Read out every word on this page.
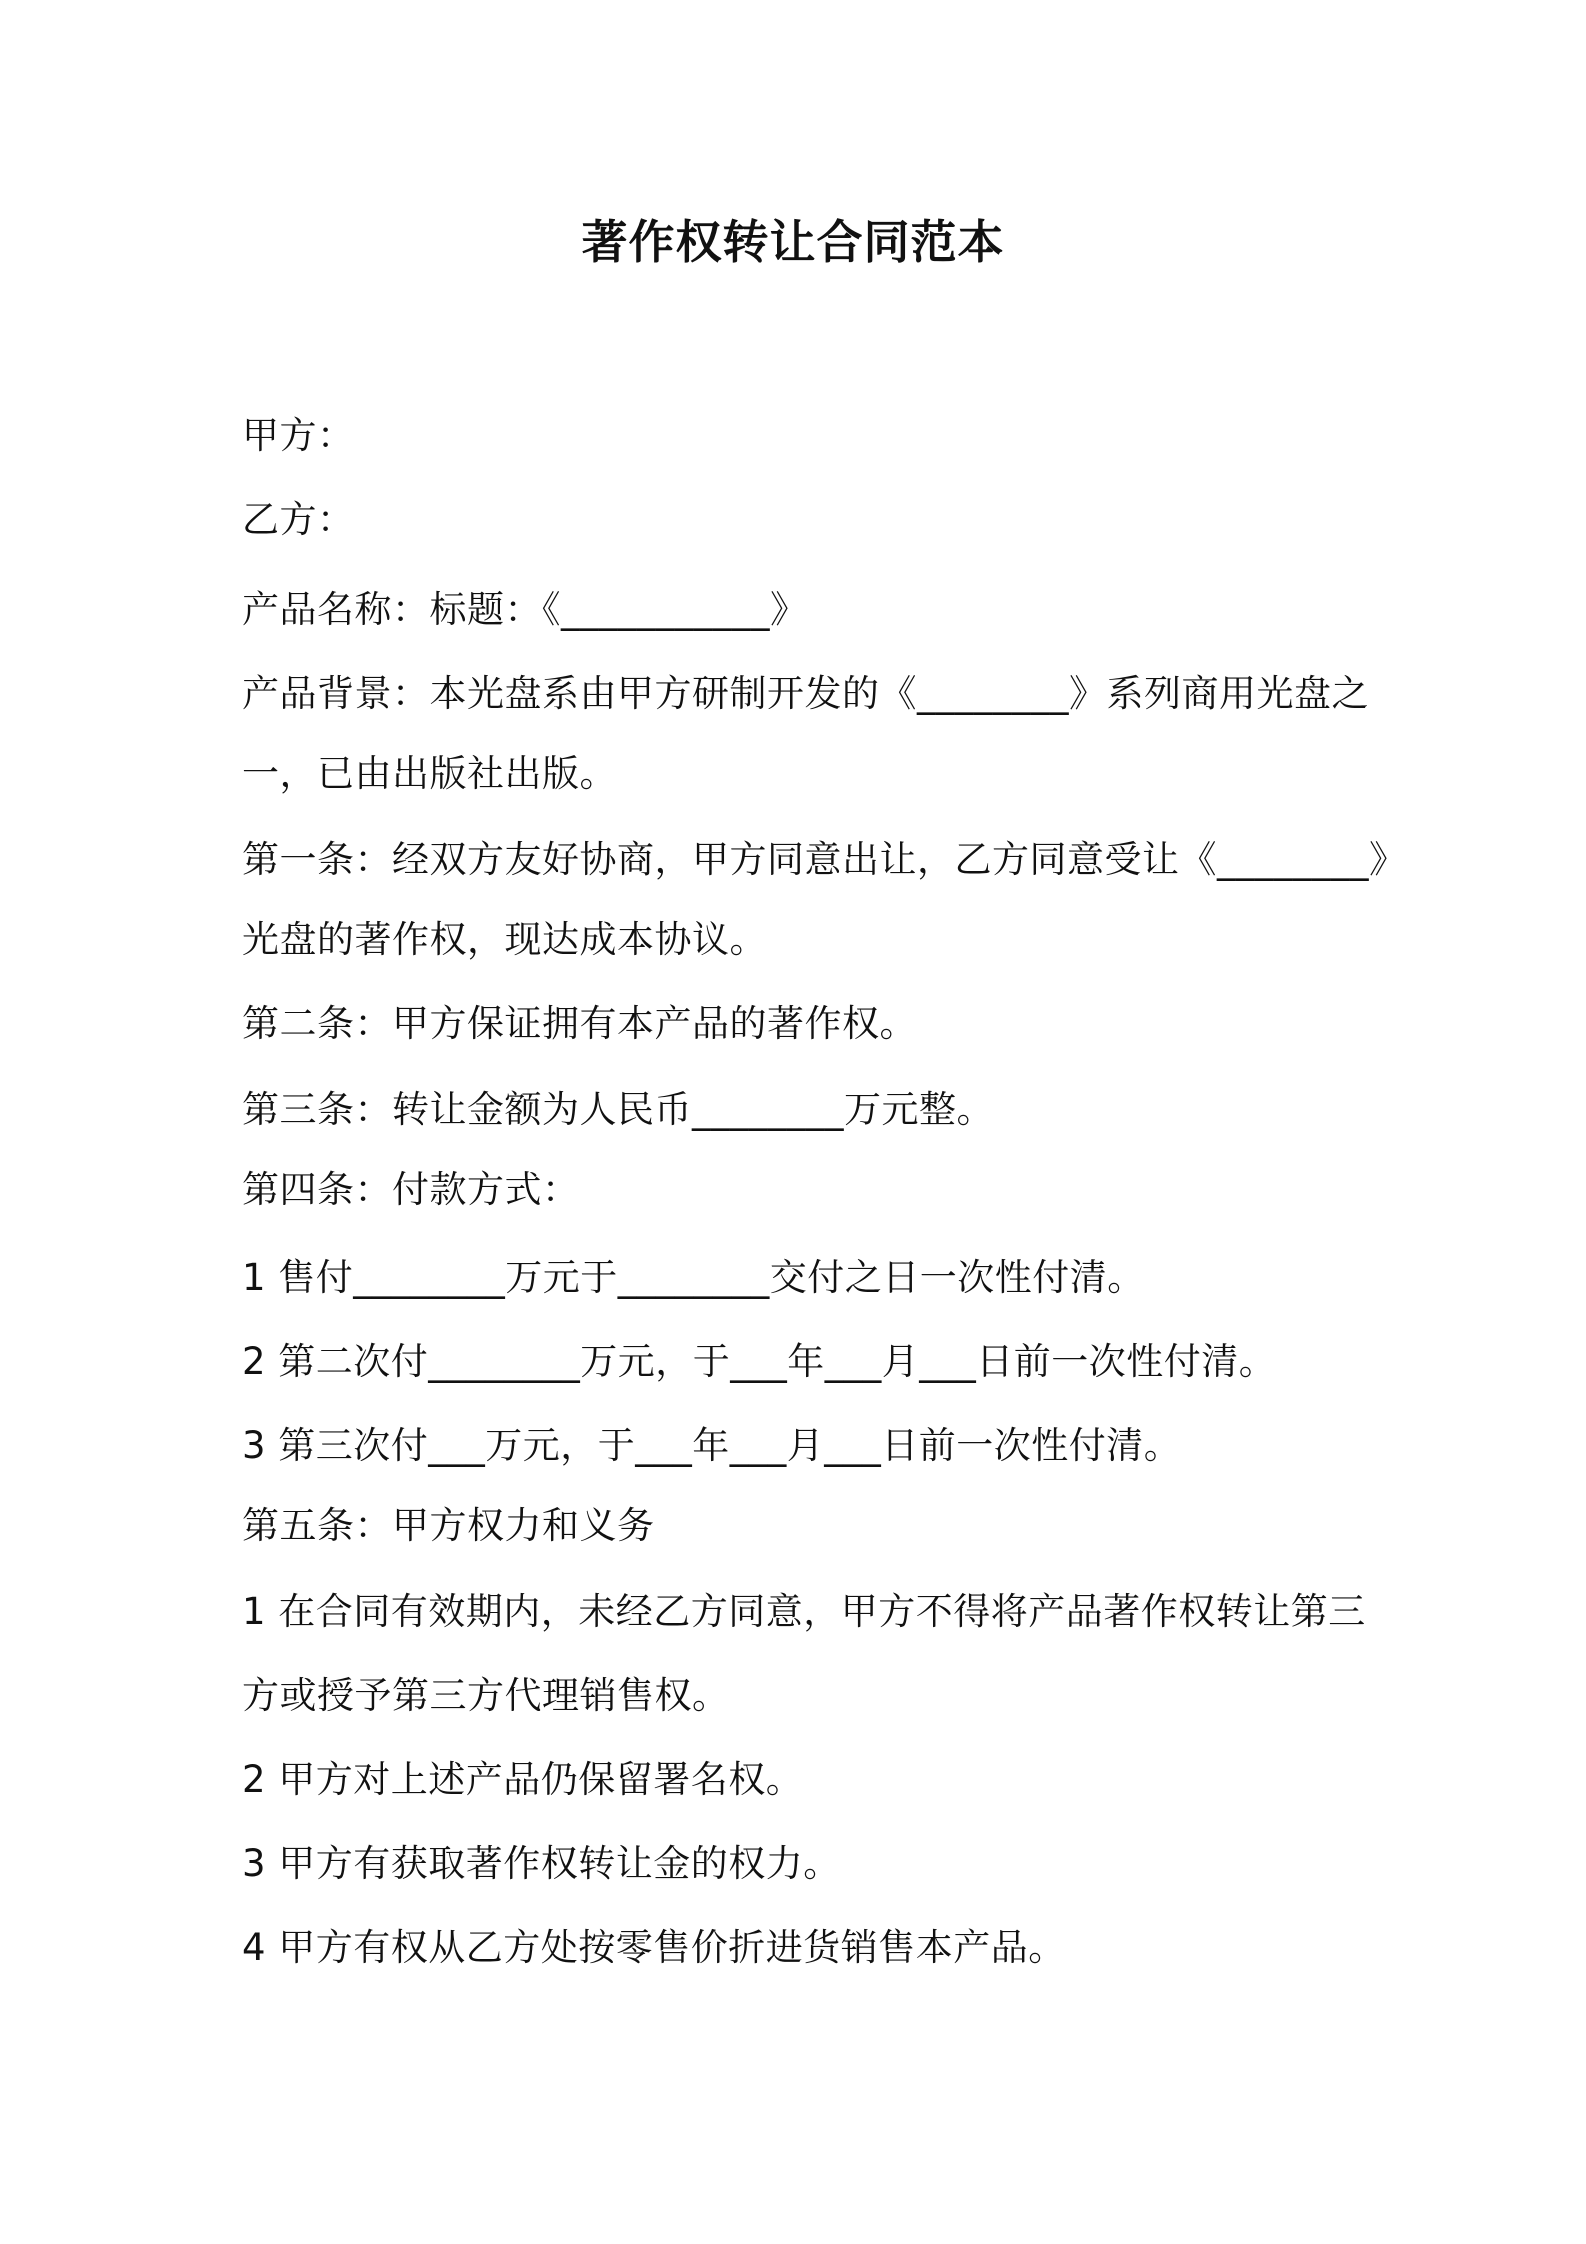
著作权转让合同范本
甲方：
乙方：
产品名称：标题：《___________》
产品背景：本光盘系由甲方研制开发的《________》系列商用光盘之
一，已由出版社出版。
第一条：经双方友好协商，甲方同意出让，乙方同意受让《________》
光盘的著作权，现达成本协议。
第二条：甲方保证拥有本产品的著作权。
第三条：转让金额为人民币________万元整。
第四条：付款方式：
1 售付________万元于________交付之日一次性付清。
2 第二次付________万元，于___年___月___日前一次性付清。
3 第三次付___万元，于___年___月___日前一次性付清。
第五条：甲方权力和义务
1 在合同有效期内，未经乙方同意，甲方不得将产品著作权转让第三
方或授予第三方代理销售权。
2 甲方对上述产品仍保留署名权。
3 甲方有获取著作权转让金的权力。
4 甲方有权从乙方处按零售价折进货销售本产品。
